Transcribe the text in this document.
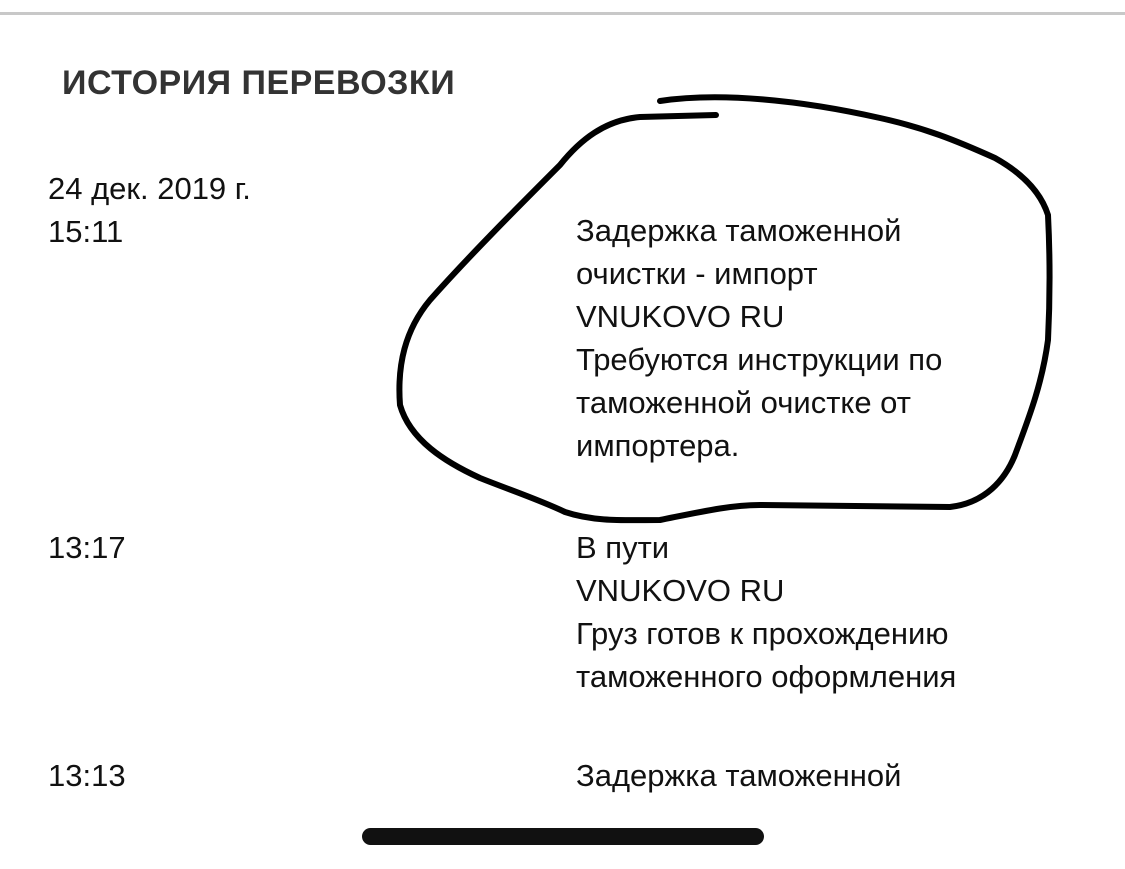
ИСТОРИЯ ПЕРЕВОЗКИ
24 дек. 2019 г.
15:11	Задержка таможенной
очистки - импорт
VNUKOVO RU
Требуются инструкции по
таможенной очистке от
импортера.
13:17	В пути
VNUKOVO RU
Груз готов к прохождению
таможенного оформления
13:13	Задержка таможенной
